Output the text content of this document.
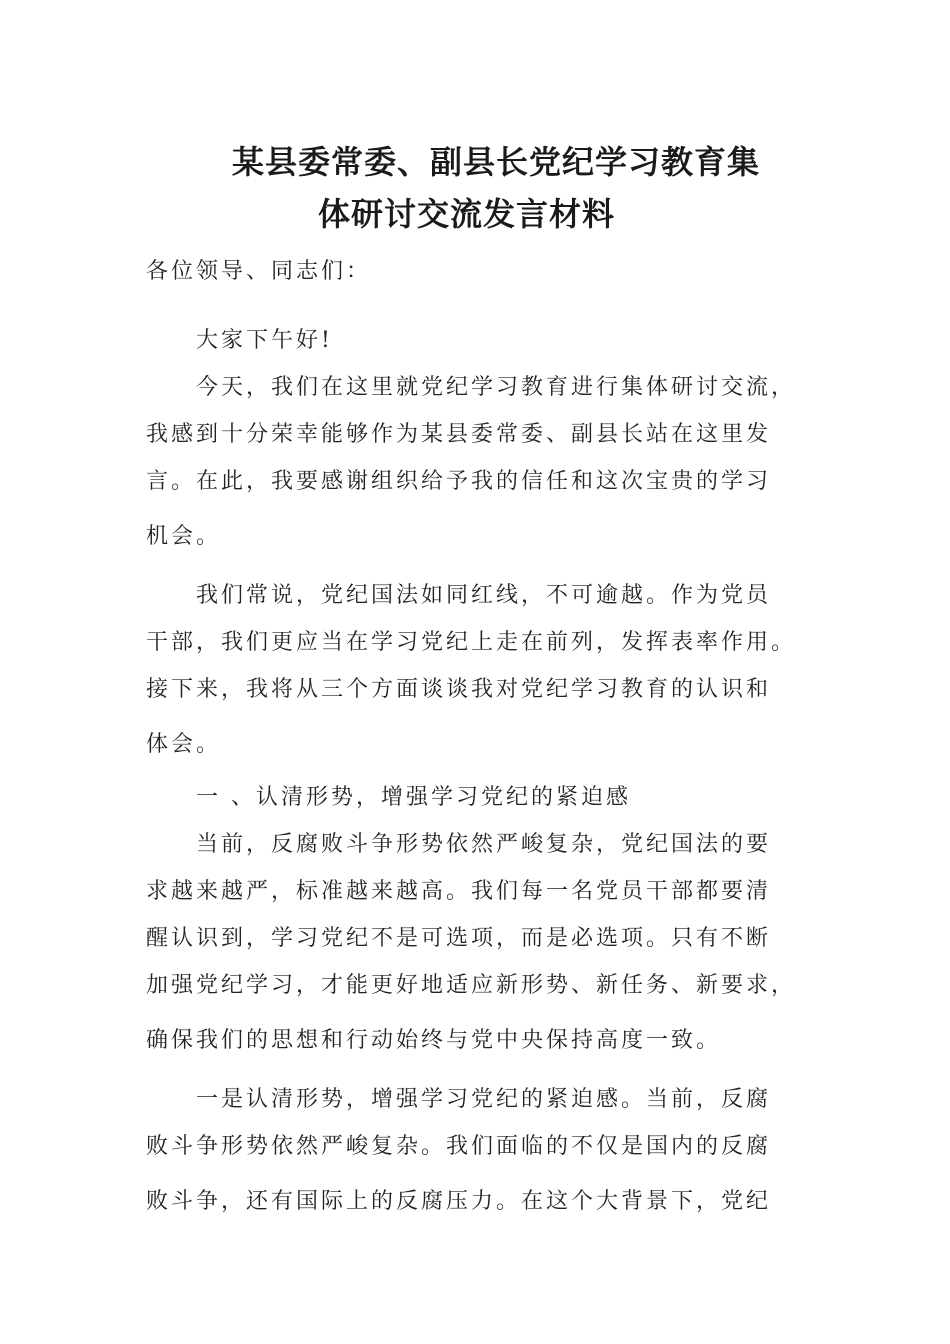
某县委常委、副县长党纪学习教育集
体研讨交流发言材料
各位领导、同志们：
大家下午好!
今天，我们在这里就党纪学习教育进行集体研讨交流，
我感到十分荣幸能够作为某县委常委、副县长站在这里发
言。在此，我要感谢组织给予我的信任和这次宝贵的学习
机会。
我们常说，党纪国法如同红线，不可逾越。作为党员
干部，我们更应当在学习党纪上走在前列，发挥表率作用。
接下来，我将从三个方面谈谈我对党纪学习教育的认识和
体会。
一 、认清形势，增强学习党纪的紧迫感
当前，反腐败斗争形势依然严峻复杂，党纪国法的要
求越来越严，标准越来越高。我们每一名党员干部都要清
醒认识到，学习党纪不是可选项，而是必选项。只有不断
加强党纪学习，才能更好地适应新形势、新任务、新要求，
确保我们的思想和行动始终与党中央保持高度一致。
一是认清形势，增强学习党纪的紧迫感。当前，反腐
败斗争形势依然严峻复杂。我们面临的不仅是国内的反腐
败斗争，还有国际上的反腐压力。在这个大背景下，党纪
